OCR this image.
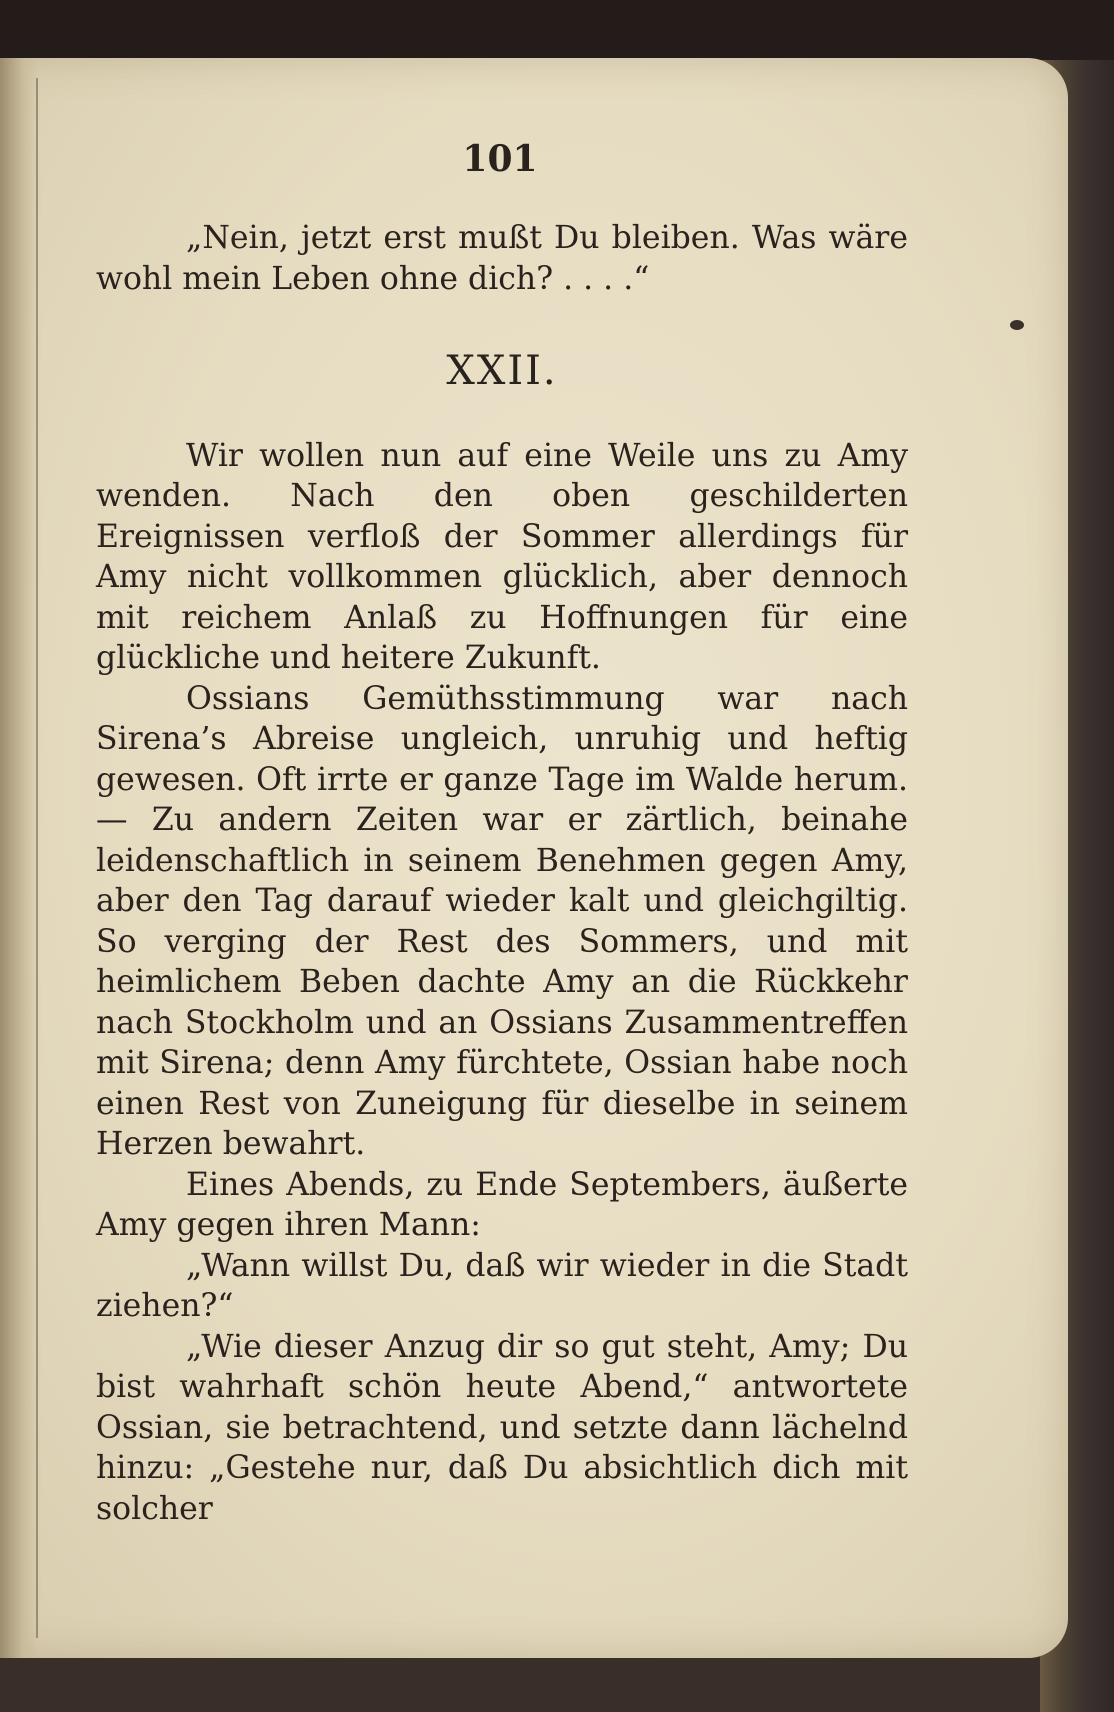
101

„Nein, jetzt erst mußt Du bleiben. Was wäre wohl mein Leben ohne dich? . . . .“

XXII.

Wir wollen nun auf eine Weile uns zu Amy wenden. Nach den oben geschilderten Ereignissen verfloß der Sommer allerdings für Amy nicht vollkommen glücklich, aber dennoch mit reichem Anlaß zu Hoffnungen für eine glückliche und heitere Zukunft.

Ossians Gemüthsstimmung war nach Sirena’s Abreise ungleich, unruhig und heftig gewesen. Oft irrte er ganze Tage im Walde herum. — Zu andern Zeiten war er zärtlich, beinahe leidenschaftlich in seinem Benehmen gegen Amy, aber den Tag darauf wieder kalt und gleichgiltig. So verging der Rest des Sommers, und mit heimlichem Beben dachte Amy an die Rückkehr nach Stockholm und an Ossians Zusammentreffen mit Sirena; denn Amy fürchtete, Ossian habe noch einen Rest von Zuneigung für dieselbe in seinem Herzen bewahrt.

Eines Abends, zu Ende Septembers, äußerte Amy gegen ihren Mann:

„Wann willst Du, daß wir wieder in die Stadt ziehen?“

„Wie dieser Anzug dir so gut steht, Amy; Du bist wahrhaft schön heute Abend,“ antwortete Ossian, sie betrachtend, und setzte dann lächelnd hinzu: „Gestehe nur, daß Du absichtlich dich mit solcher
